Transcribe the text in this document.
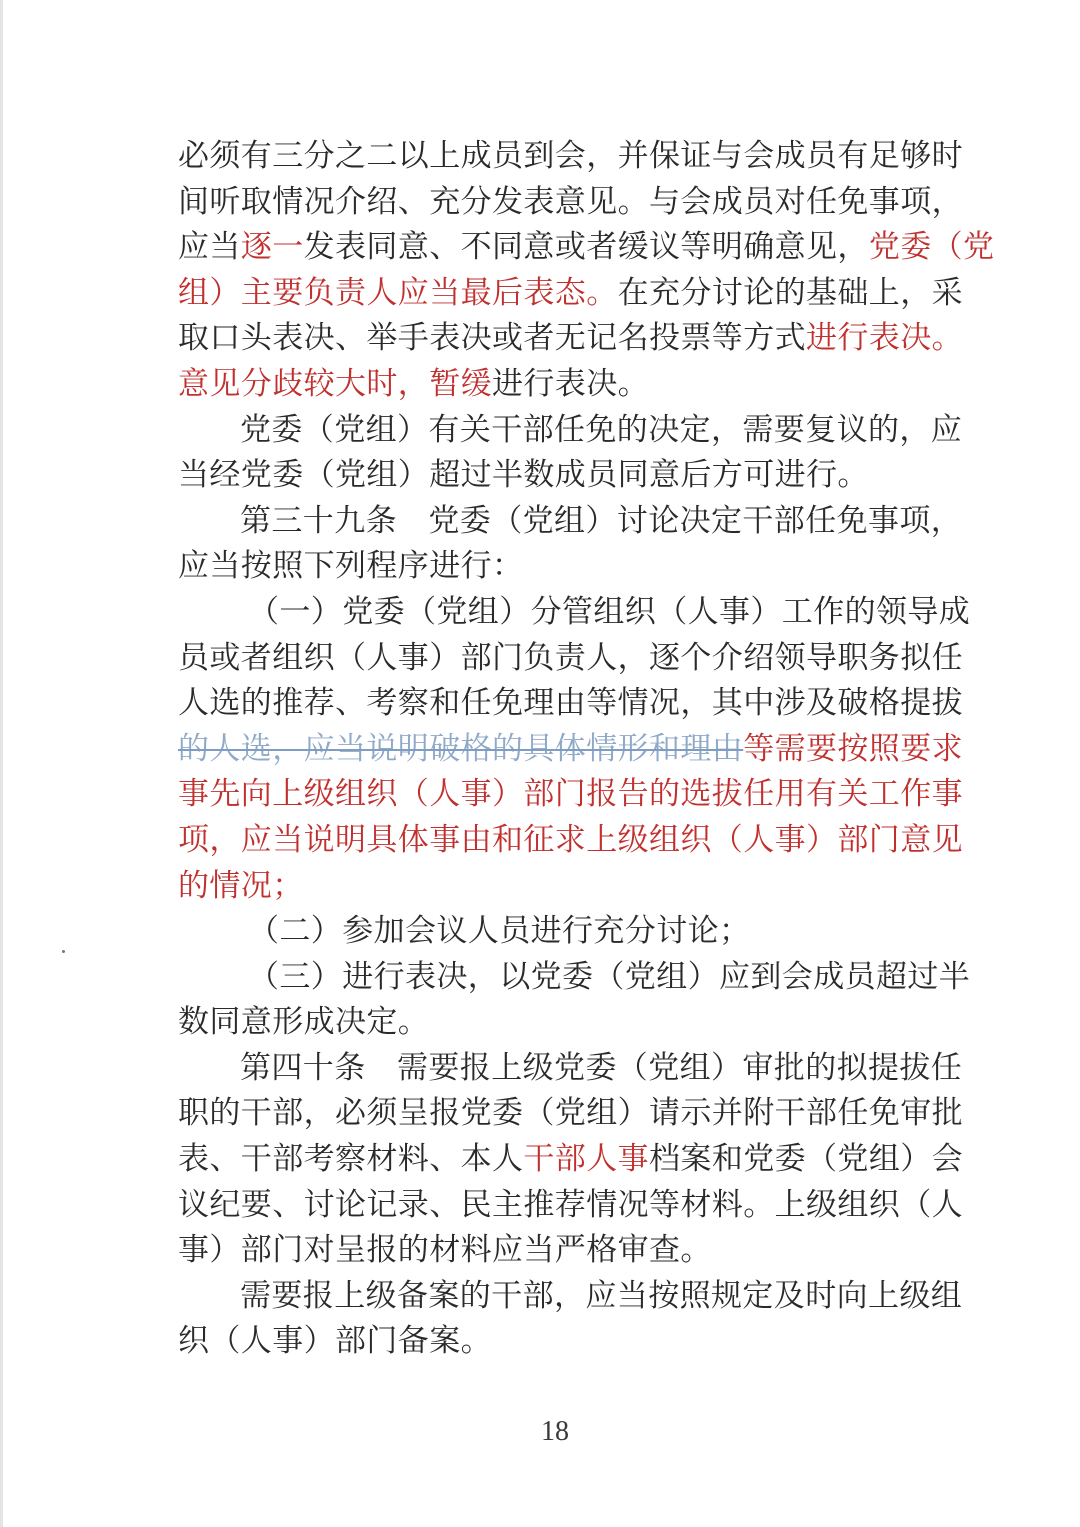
必须有三分之二以上成员到会，并保证与会成员有足够时
间听取情况介绍、充分发表意见。与会成员对任免事项，
应当逐一发表同意、不同意或者缓议等明确意见，党委（党
组）主要负责人应当最后表态。在充分讨论的基础上，采
取口头表决、举手表决或者无记名投票等方式进行表决。
意见分歧较大时，暂缓进行表决。
党委（党组）有关干部任免的决定，需要复议的，应
当经党委（党组）超过半数成员同意后方可进行。
第三十九条　党委（党组）讨论决定干部任免事项，
应当按照下列程序进行：
（一）党委（党组）分管组织（人事）工作的领导成
员或者组织（人事）部门负责人，逐个介绍领导职务拟任
人选的推荐、考察和任免理由等情况，其中涉及破格提拔
的人选，应当说明破格的具体情形和理由等需要按照要求
事先向上级组织（人事）部门报告的选拔任用有关工作事
项，应当说明具体事由和征求上级组织（人事）部门意见
的情况；
（二）参加会议人员进行充分讨论；
（三）进行表决，以党委（党组）应到会成员超过半
数同意形成决定。
第四十条　需要报上级党委（党组）审批的拟提拔任
职的干部，必须呈报党委（党组）请示并附干部任免审批
表、干部考察材料、本人干部人事档案和党委（党组）会
议纪要、讨论记录、民主推荐情况等材料。上级组织（人
事）部门对呈报的材料应当严格审查。
需要报上级备案的干部，应当按照规定及时向上级组
织（人事）部门备案。
18
